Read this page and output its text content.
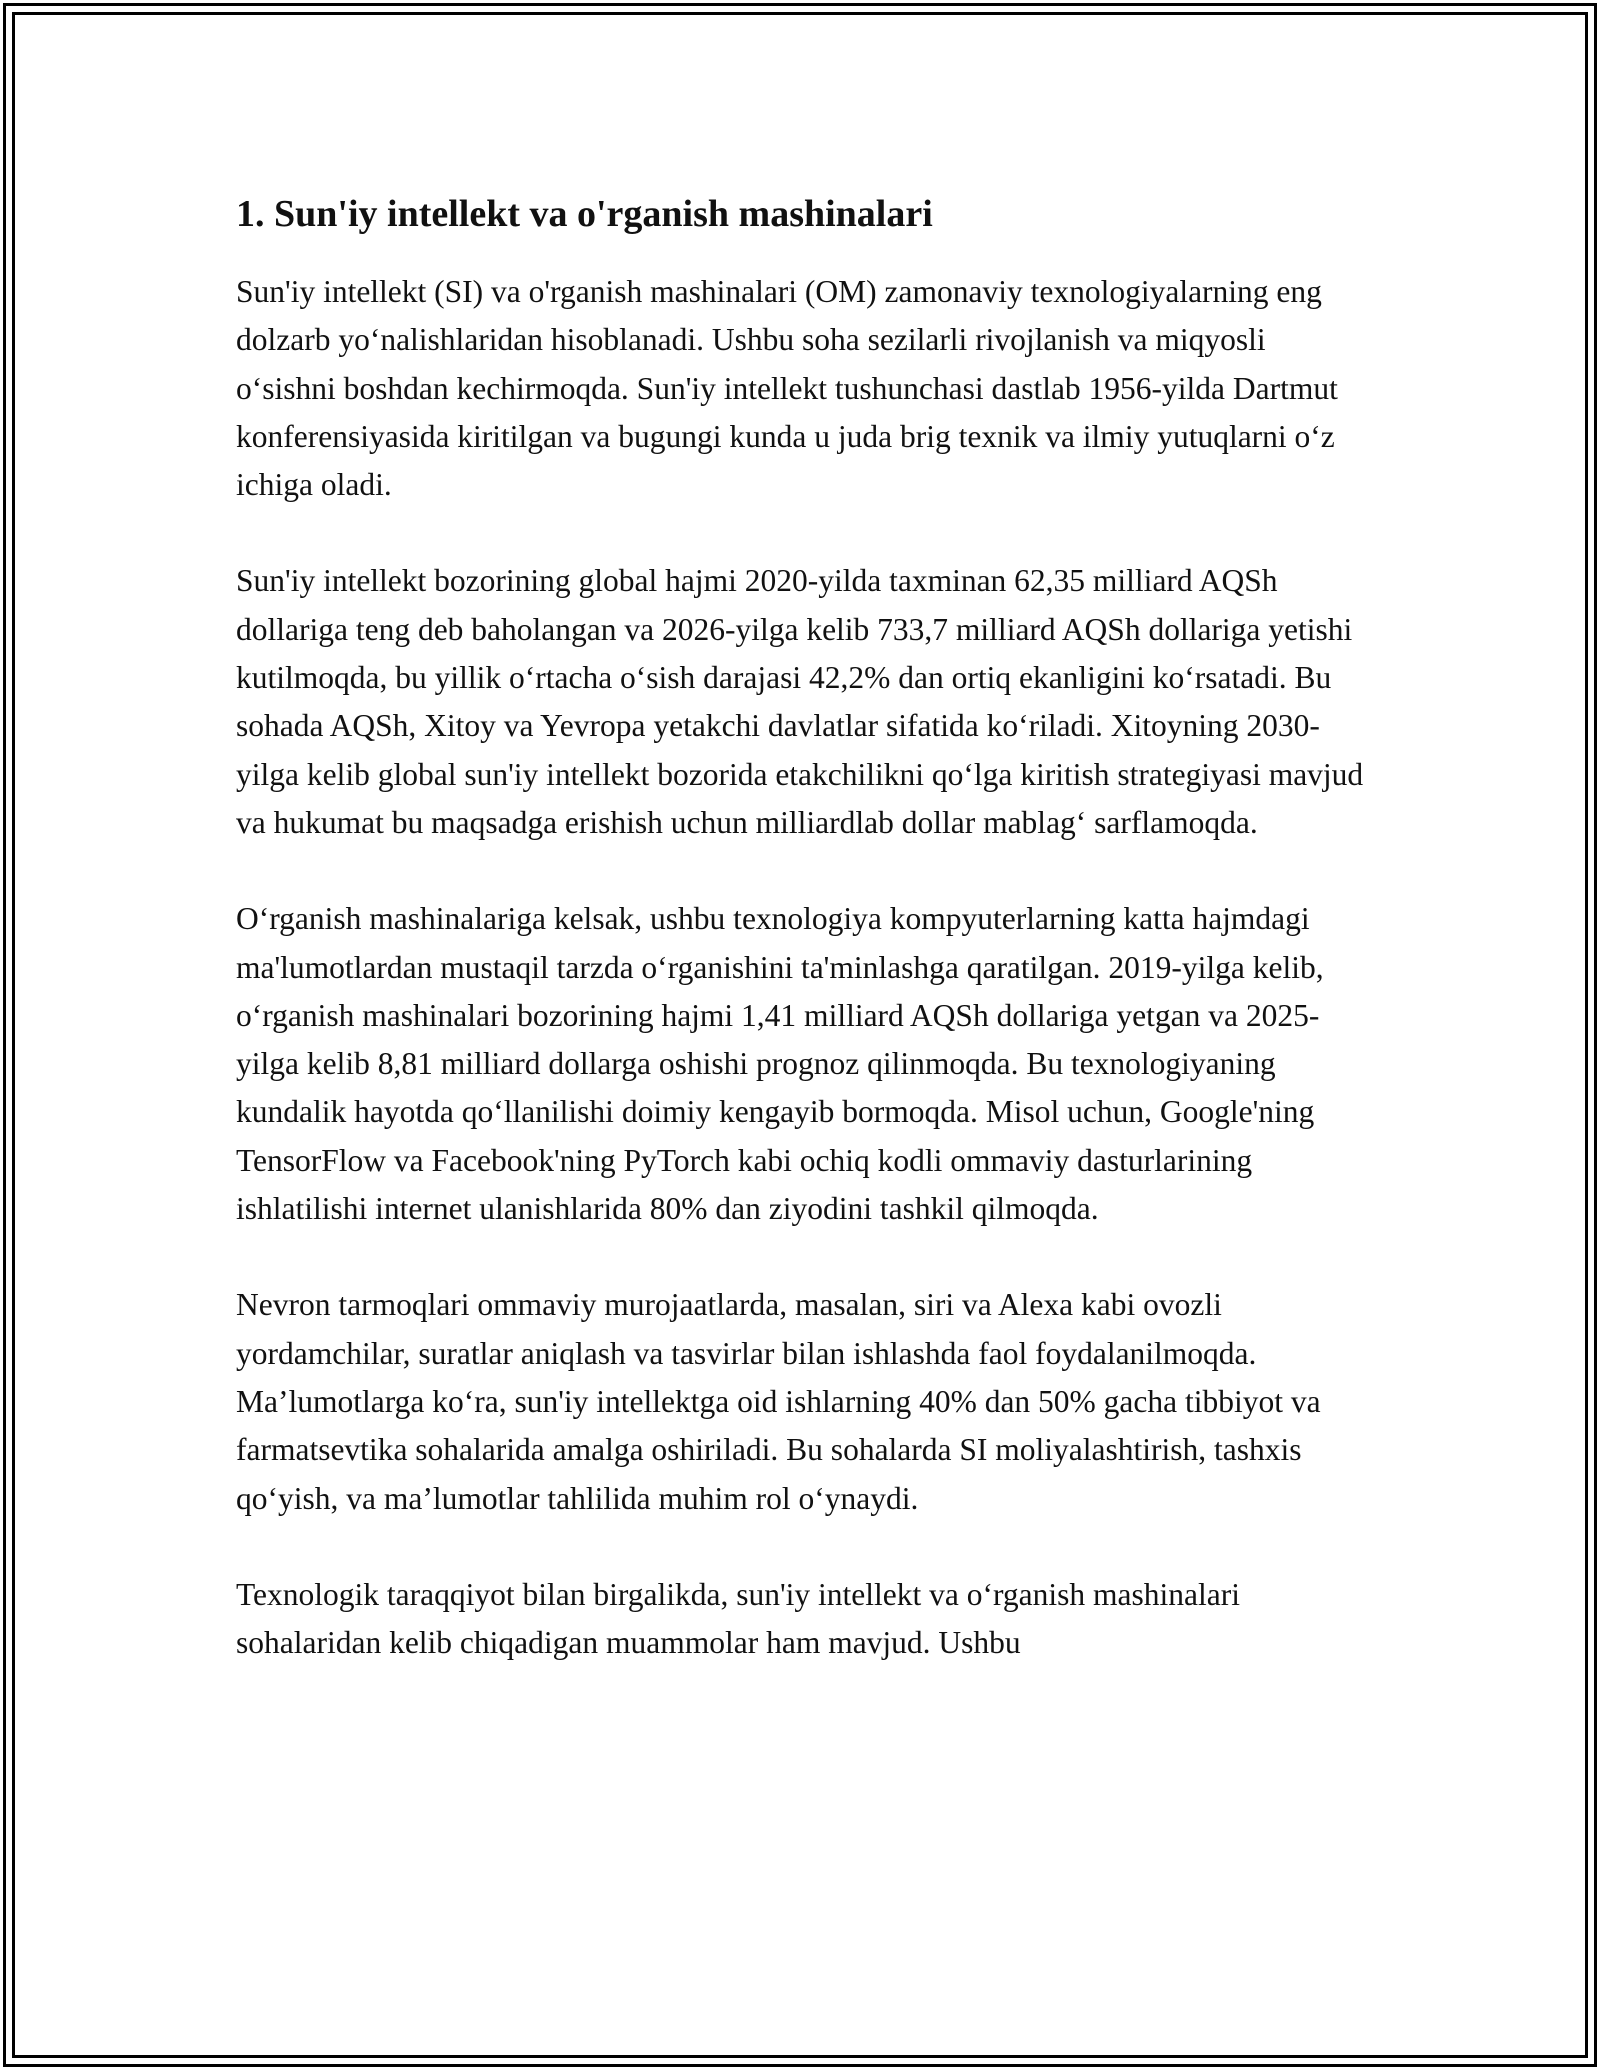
1. Sun'iy intellekt va o'rganish mashinalari

Sun'iy intellekt (SI) va o'rganish mashinalari (OM) zamonaviy texnologiyalarning eng dolzarb yo‘nalishlaridan hisoblanadi. Ushbu soha sezilarli rivojlanish va miqyosli o‘sishni boshdan kechirmoqda. Sun'iy intellekt tushunchasi dastlab 1956-yilda Dartmut konferensiyasida kiritilgan va bugungi kunda u juda brig texnik va ilmiy yutuqlarni o‘z ichiga oladi.

Sun'iy intellekt bozorining global hajmi 2020-yilda taxminan 62,35 milliard AQSh dollariga teng deb baholangan va 2026-yilga kelib 733,7 milliard AQSh dollariga yetishi kutilmoqda, bu yillik o‘rtacha o‘sish darajasi 42,2% dan ortiq ekanligini ko‘rsatadi. Bu sohada AQSh, Xitoy va Yevropa yetakchi davlatlar sifatida ko‘riladi. Xitoyning 2030-yilga kelib global sun'iy intellekt bozorida etakchilikni qo‘lga kiritish strategiyasi mavjud va hukumat bu maqsadga erishish uchun milliardlab dollar mablag‘ sarflamoqda.

O‘rganish mashinalariga kelsak, ushbu texnologiya kompyuterlarning katta hajmdagi ma'lumotlardan mustaqil tarzda o‘rganishini ta'minlashga qaratilgan. 2019-yilga kelib, o‘rganish mashinalari bozorining hajmi 1,41 milliard AQSh dollariga yetgan va 2025-yilga kelib 8,81 milliard dollarga oshishi prognoz qilinmoqda. Bu texnologiyaning kundalik hayotda qo‘llanilishi doimiy kengayib bormoqda. Misol uchun, Google'ning TensorFlow va Facebook'ning PyTorch kabi ochiq kodli ommaviy dasturlarining ishlatilishi internet ulanishlarida 80% dan ziyodini tashkil qilmoqda.

Nevron tarmoqlari ommaviy murojaatlarda, masalan, siri va Alexa kabi ovozli yordamchilar, suratlar aniqlash va tasvirlar bilan ishlashda faol foydalanilmoqda. Ma’lumotlarga ko‘ra, sun'iy intellektga oid ishlarning 40% dan 50% gacha tibbiyot va farmatsevtika sohalarida amalga oshiriladi. Bu sohalarda SI moliyalashtirish, tashxis qo‘yish, va ma’lumotlar tahlilida muhim rol o‘ynaydi.

Texnologik taraqqiyot bilan birgalikda, sun'iy intellekt va o‘rganish mashinalari sohalaridan kelib chiqadigan muammolar ham mavjud. Ushbu
